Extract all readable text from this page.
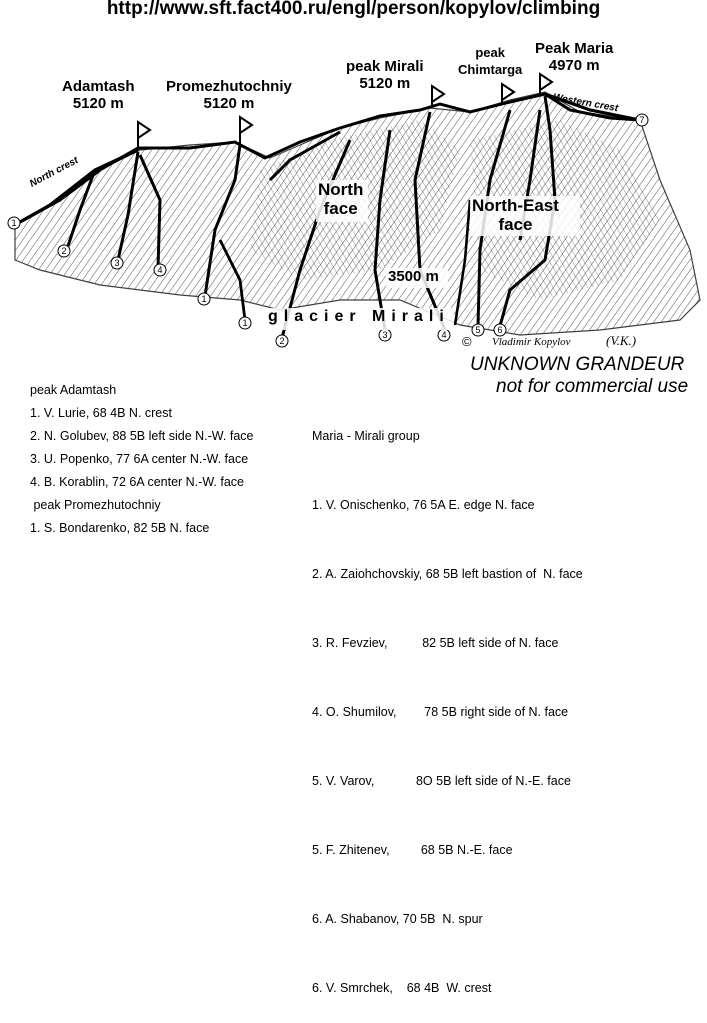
http://www.sft.fact400.ru/engl/person/kopylov/climbing
1
2
3
4
1
1
2
3	4	5 6
7
Adamtash
5120 m
Promezhutochniy
5120 m
peak Mirali
5120 m
peak
Chimtarga
Peak Maria
4970 m
North crest
Western crest
North
face	North-East
face
3500 m
glacier Mirali
© Vladimir Kopylov	(V.K.)
UNKNOWN GRANDEUR
not for commercial use
peak Adamtash
1. V. Lurie, 68 4B N. crest
2. N. Golubev, 88 5B left side N.-W. face
3. U. Popenko, 77 6A center N.-W. face
4. B. Korablin, 72 6A center N.-W. face
peak Promezhutochniy
1. S. Bondarenko, 82 5B N. face

Maria - Mirali group

1. V. Onischenko, 76 5A E. edge N. face

2. A. Zaiohchovskiy, 68 5B left bastion of  N. face

3. R. Fevziev,          82 5B left side of N. face

4. O. Shumilov,        78 5B right side of N. face

5. V. Varov,            8O 5B left side of N.-E. face

5. F. Zhitenev,         68 5B N.-E. face

6. A. Shabanov, 70 5B  N. spur

6. V. Smrchek,    68 4B  W. crest
